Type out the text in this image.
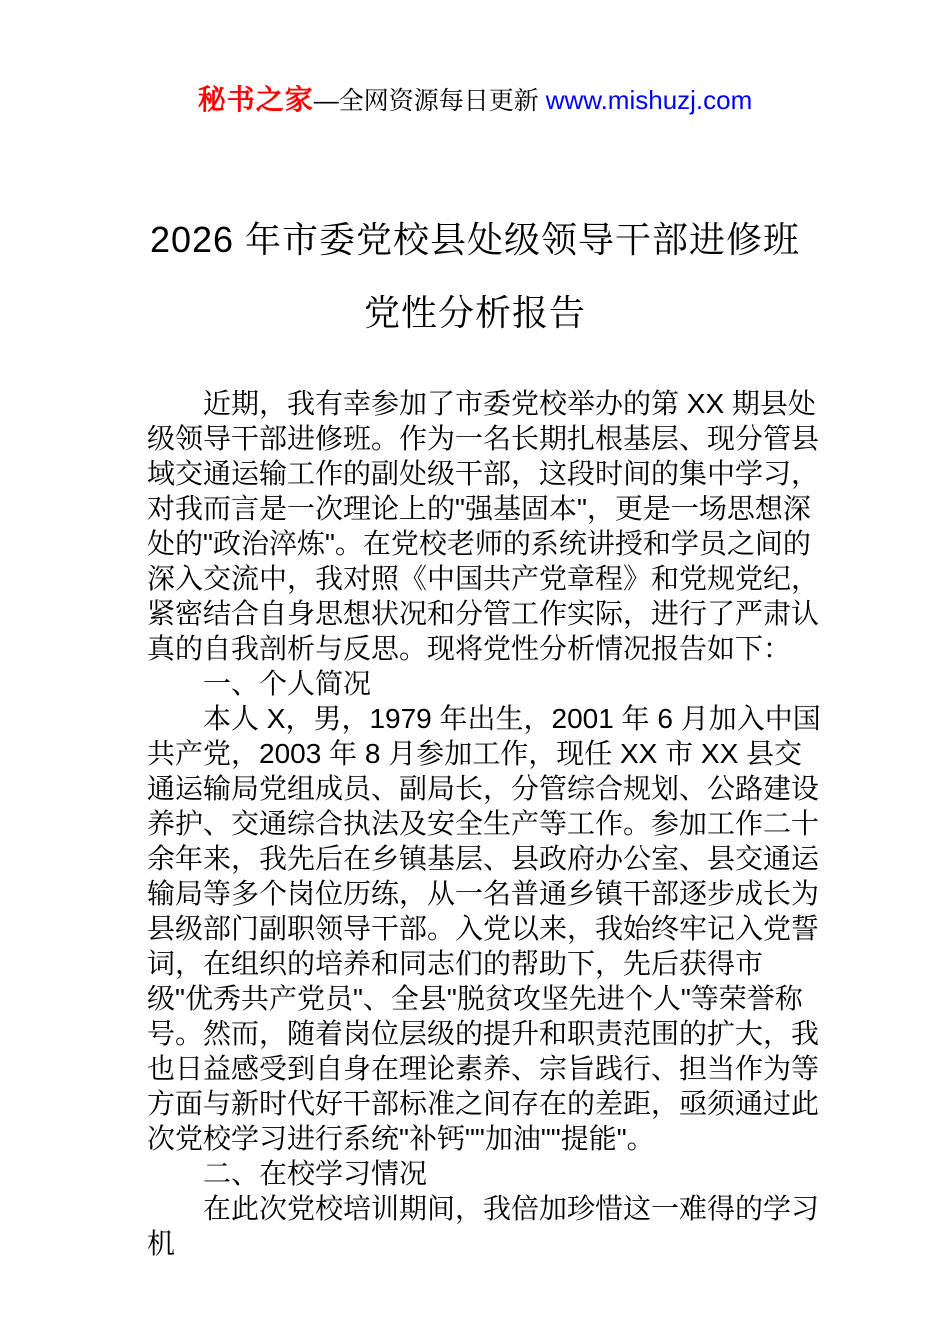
秘书之家—全网资源每日更新 www.mishuzj.com
2026 年市委党校县处级领导干部进修班
党性分析报告

近期，我有幸参加了市委党校举办的第 XX 期县处级领导干部进修班。作为一名长期扎根基层、现分管县域交通运输工作的副处级干部，这段时间的集中学习，对我而言是一次理论上的"强基固本"，更是一场思想深处的"政治淬炼"。在党校老师的系统讲授和学员之间的深入交流中，我对照《中国共产党章程》和党规党纪，紧密结合自身思想状况和分管工作实际，进行了严肃认真的自我剖析与反思。现将党性分析情况报告如下：

一、个人简况

本人 X，男，1979 年出生，2001 年 6 月加入中国共产党，2003 年 8 月参加工作，现任 XX 市 XX 县交通运输局党组成员、副局长，分管综合规划、公路建设养护、交通综合执法及安全生产等工作。参加工作二十余年来，我先后在乡镇基层、县政府办公室、县交通运输局等多个岗位历练，从一名普通乡镇干部逐步成长为县级部门副职领导干部。入党以来，我始终牢记入党誓词，在组织的培养和同志们的帮助下，先后获得市级"优秀共产党员"、全县"脱贫攻坚先进个人"等荣誉称号。然而，随着岗位层级的提升和职责范围的扩大，我也日益感受到自身在理论素养、宗旨践行、担当作为等方面与新时代好干部标准之间存在的差距，亟须通过此次党校学习进行系统"补钙""加油""提能"。

二、在校学习情况

在此次党校培训期间，我倍加珍惜这一难得的学习机
